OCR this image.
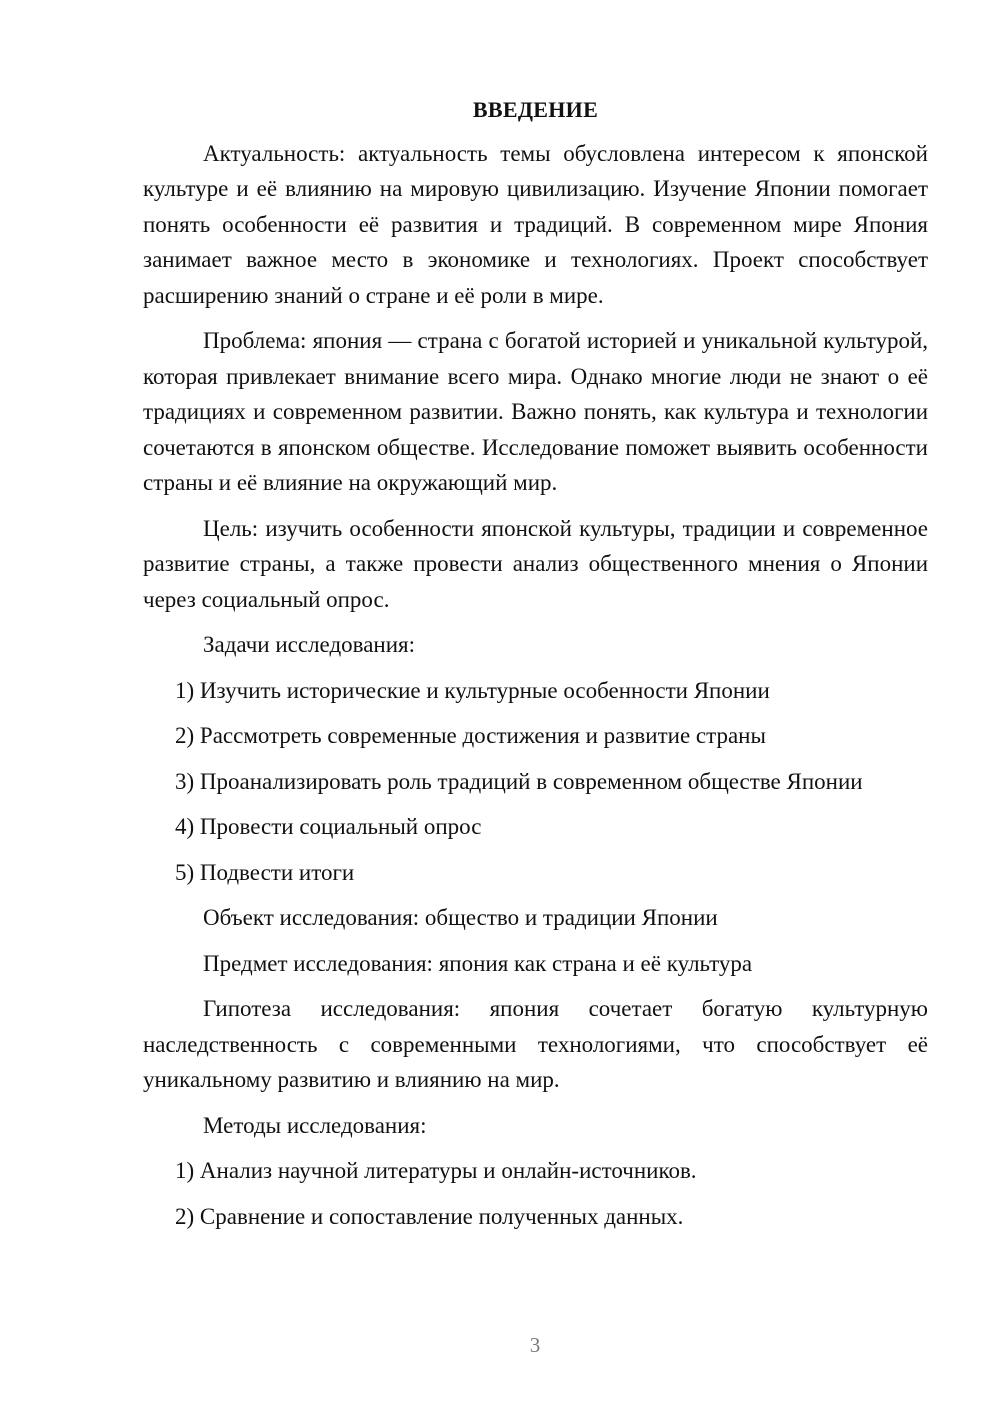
ВВЕДЕНИЕ

Актуальность: актуальность темы обусловлена интересом к японской культуре и её влиянию на мировую цивилизацию. Изучение Японии помогает понять особенности её развития и традиций. В современном мире Япония занимает важное место в экономике и технологиях. Проект способствует расширению знаний о стране и её роли в мире.

Проблема: япония — страна с богатой историей и уникальной культурой, которая привлекает внимание всего мира. Однако многие люди не знают о её традициях и современном развитии. Важно понять, как культура и технологии сочетаются в японском обществе. Исследование поможет выявить особенности страны и её влияние на окружающий мир.

Цель: изучить особенности японской культуры, традиции и современное развитие страны, а также провести анализ общественного мнения о Японии через социальный опрос.

Задачи исследования:

1) Изучить исторические и культурные особенности Японии

2) Рассмотреть современные достижения и развитие страны

3) Проанализировать роль традиций в современном обществе Японии

4) Провести социальный опрос

5) Подвести итоги

Объект исследования: общество и традиции Японии

Предмет исследования: япония как страна и её культура

Гипотеза исследования: япония сочетает богатую культурную наследственность с современными технологиями, что способствует её уникальному развитию и влиянию на мир.

Методы исследования:

1) Анализ научной литературы и онлайн-источников.

2) Сравнение и сопоставление полученных данных.

3
